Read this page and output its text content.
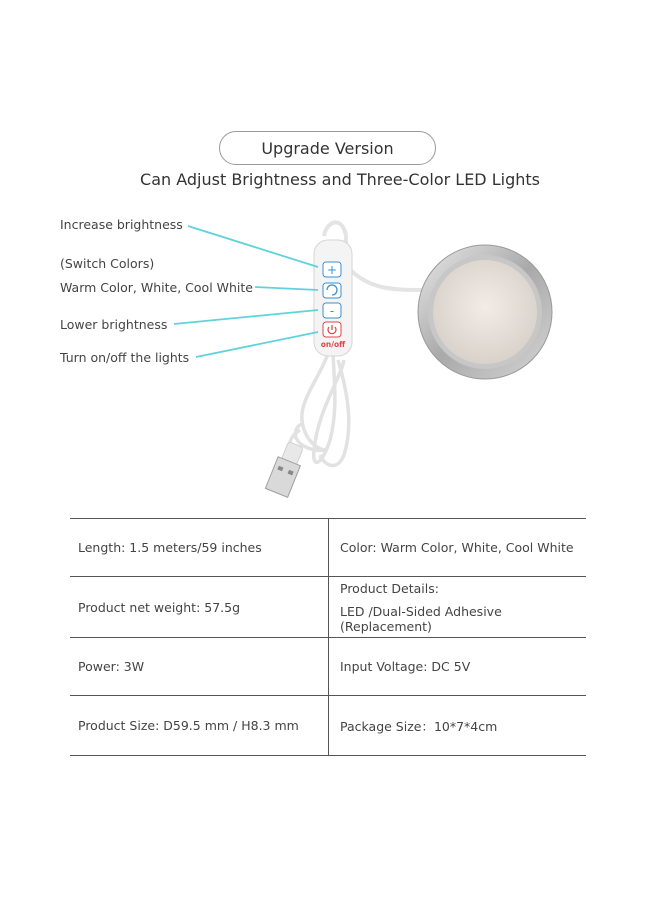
Upgrade Version
Can Adjust Brightness and Three-Color LED Lights
+
-
on/off
Increase brightness
(Switch Colors)
Warm Color, White, Cool White
Lower brightness
Turn on/off the lights
Length: 1.5 meters/59 inches	Color: Warm Color, White, Cool White
Product net weight: 57.5g	Product Details:
LED /Dual-Sided Adhesive (Replacement)

Power: 3W	Input Voltage: DC 5V
Product Size: D59.5 mm / H8.3 mm	Package Size：10*7*4cm
